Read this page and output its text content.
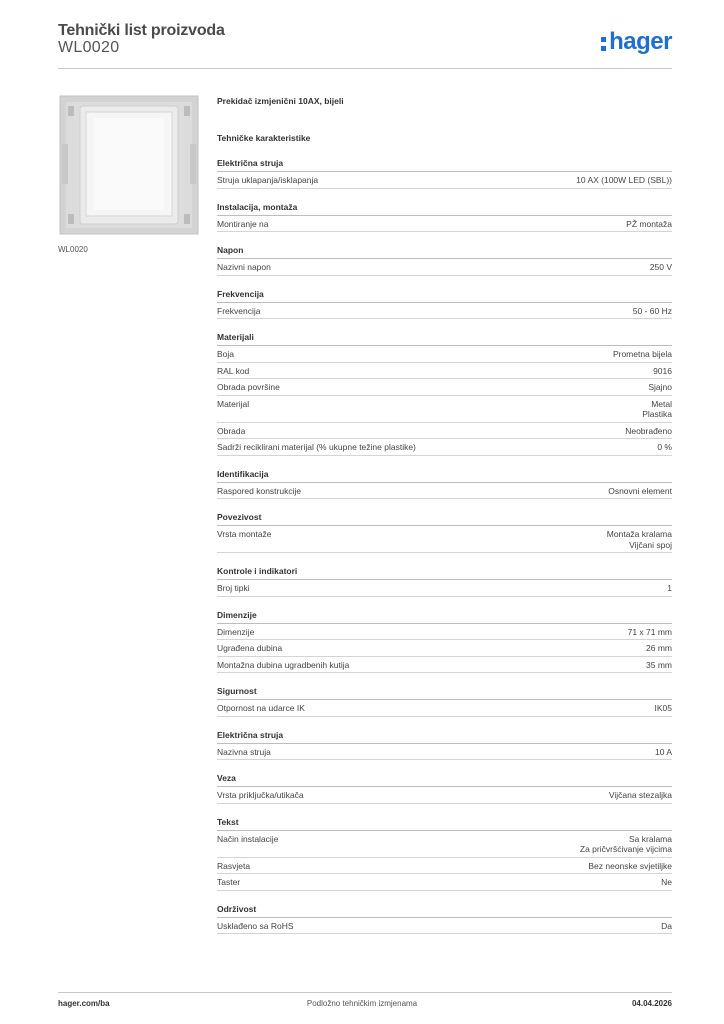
Tehnički list proizvoda
WL0020	hager
WL0020
Prekidač izmjenični 10AX, bijeli
Tehničke karakteristike
Električna struja
Struja uklapanja/isklapanja	10 AX (100W LED (SBL))
Instalacija, montaža
Montiranje na	PŽ montaža
Napon
Nazivni napon	250 V
Frekvencija
Frekvencija	50 - 60 Hz
Materijali
Boja	Prometna bijela
RAL kod	9016
Obrada površine	Sjajno
Materijal	Metal
Plastika
Obrada	Neobrađeno
Sadrži reciklirani materijal (% ukupne težine plastike)	0 %
Identifikacija
Raspored konstrukcije	Osnovni element
Povezivost
Vrsta montaže	Montaža kralama
Vijčani spoj
Kontrole i indikatori
Broj tipki	1
Dimenzije
Dimenzije	71 x 71 mm
Ugrađena dubina	26 mm
Montažna dubina ugradbenih kutija	35 mm
Sigurnost
Otpornost na udarce IK	IK05
Električna struja
Nazivna struja	10 A
Veza
Vrsta priključka/utikača	Vijčana stezaljka
Tekst
Način instalacije	Sa kralama
Za pričvršćivanje vijcima
Rasvjeta	Bez neonske svjetiljke
Taster	Ne
Održivost
Usklađeno sa RoHS	Da
hager.com/ba	Podložno tehničkim izmjenama	04.04.2026
